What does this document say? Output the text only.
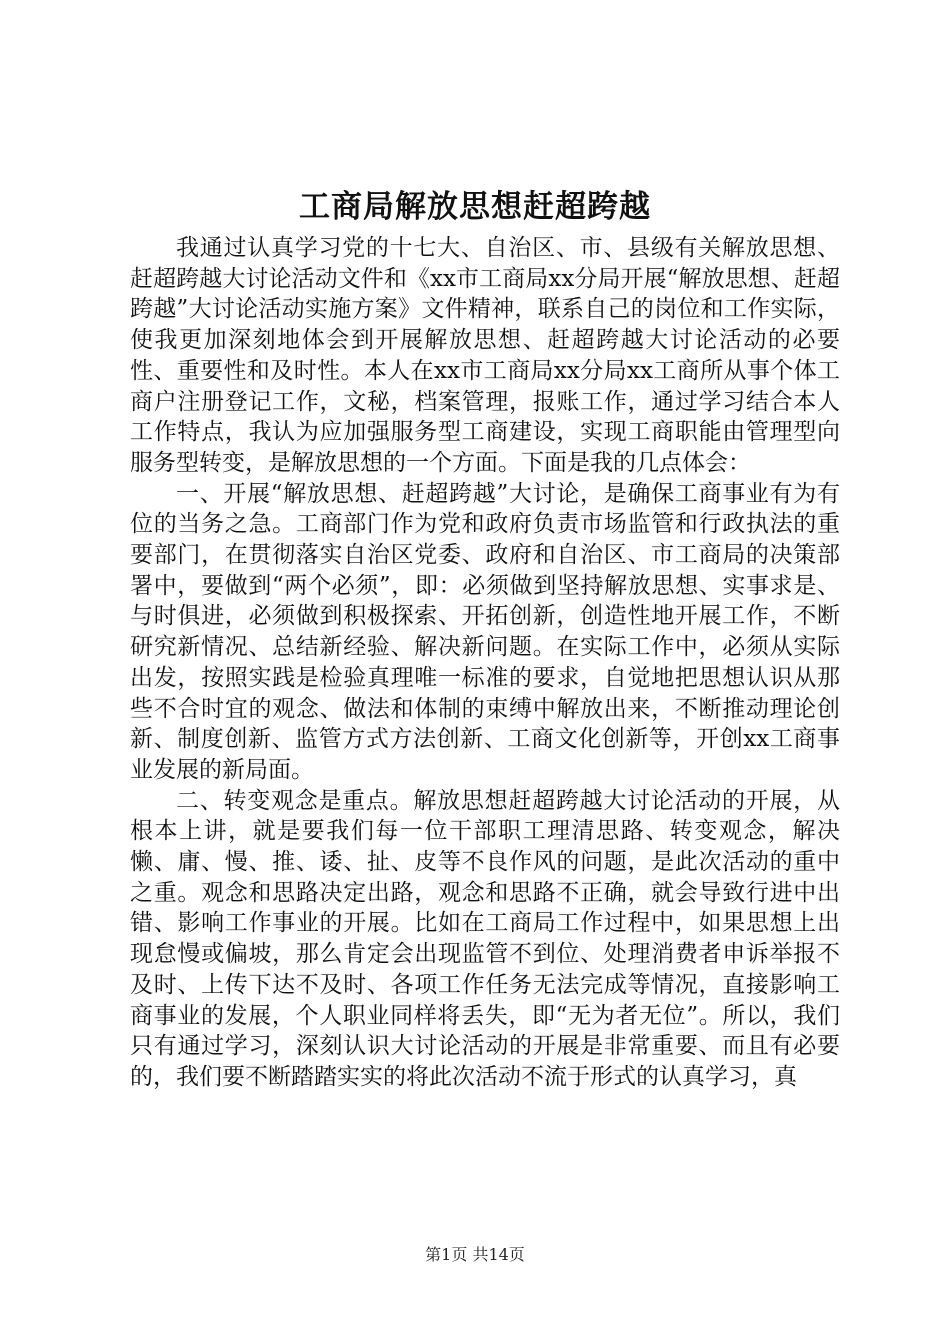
工商局解放思想赶超跨越

我通过认真学习党的十七大、自治区、市、县级有关解放思想、赶超跨越大讨论活动文件和《xx市工商局xx分局开展“解放思想、赶超跨越”大讨论活动实施方案》文件精神，联系自己的岗位和工作实际，使我更加深刻地体会到开展解放思想、赶超跨越大讨论活动的必要性、重要性和及时性。本人在xx市工商局xx分局xx工商所从事个体工商户注册登记工作，文秘，档案管理，报账工作，通过学习结合本人工作特点，我认为应加强服务型工商建设，实现工商职能由管理型向服务型转变，是解放思想的一个方面。下面是我的几点体会：

一、开展“解放思想、赶超跨越”大讨论，是确保工商事业有为有位的当务之急。工商部门作为党和政府负责市场监管和行政执法的重要部门，在贯彻落实自治区党委、政府和自治区、市工商局的决策部署中，要做到“两个必须”，即：必须做到坚持解放思想、实事求是、与时俱进，必须做到积极探索、开拓创新，创造性地开展工作，不断研究新情况、总结新经验、解决新问题。在实际工作中，必须从实际出发，按照实践是检验真理唯一标准的要求，自觉地把思想认识从那些不合时宜的观念、做法和体制的束缚中解放出来，不断推动理论创新、制度创新、监管方式方法创新、工商文化创新等，开创xx工商事业发展的新局面。

二、转变观念是重点。解放思想赶超跨越大讨论活动的开展，从根本上讲，就是要我们每一位干部职工理清思路、转变观念，解决懒、庸、慢、推、诿、扯、皮等不良作风的问题，是此次活动的重中之重。观念和思路决定出路，观念和思路不正确，就会导致行进中出错、影响工作事业的开展。比如在工商局工作过程中，如果思想上出现怠慢或偏坡，那么肯定会出现监管不到位、处理消费者申诉举报不及时、上传下达不及时、各项工作任务无法完成等情况，直接影响工商事业的发展，个人职业同样将丢失，即“无为者无位”。所以，我们只有通过学习，深刻认识大讨论活动的开展是非常重要、而且有必要的，我们要不断踏踏实实的将此次活动不流于形式的认真学习，真

第1页 共14页
